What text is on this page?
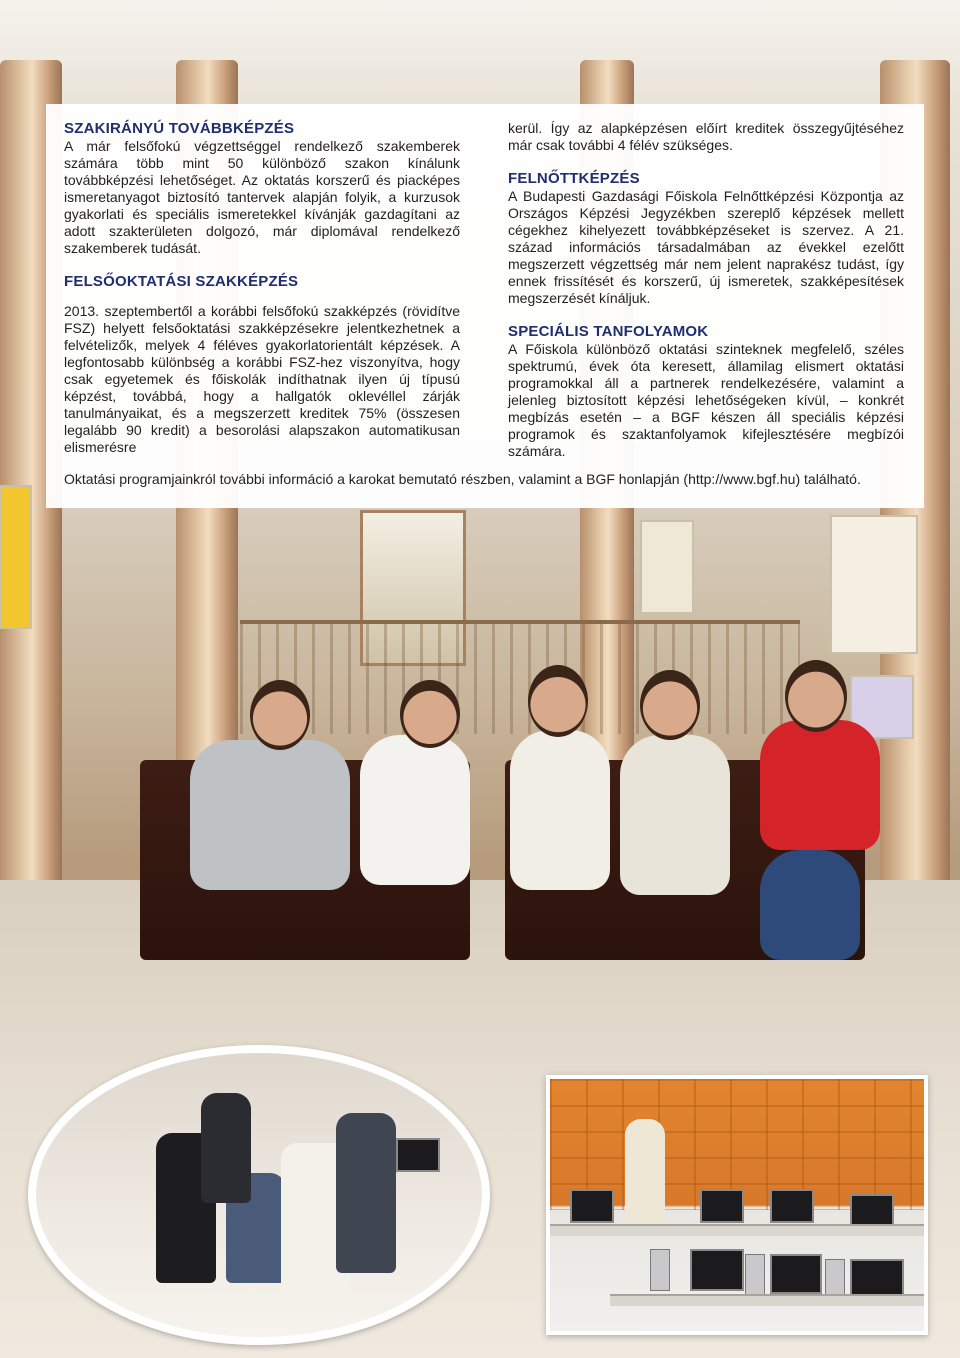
SZAKIRÁNYÚ TOVÁBBKÉPZÉS

A már felsőfokú végzettséggel rendelkező szakemberek számára több mint 50 különböző szakon kínálunk továbbképzési lehetőséget. Az oktatás korszerű és piacképes ismeretanyagot biztosító tantervek alapján folyik, a kurzusok gyakorlati és speciális ismeretekkel kívánják gazdagítani az adott szakterületen dolgozó, már diplomával rendelkező szakemberek tudását.

FELSŐOKTATÁSI SZAKKÉPZÉS

2013. szeptembertől a korábbi felsőfokú szakképzés (rövidítve FSZ) helyett felsőoktatási szakképzésekre jelentkezhetnek a felvételizők, melyek 4 féléves gyakorlatorientált képzések. A legfontosabb különbség a korábbi FSZ-hez viszonyítva, hogy csak egyetemek és főiskolák indíthatnak ilyen új típusú képzést, továbbá, hogy a hallgatók oklevéllel zárják tanulmányaikat, és a megszerzett kreditek 75% (összesen legalább 90 kredit) a besorolási alapszakon automatikusan elismerésre

kerül. Így az alapképzésen előírt kreditek összegyűjtéséhez már csak további 4 félév szükséges.

FELNŐTTKÉPZÉS

A Budapesti Gazdasági Főiskola Felnőttképzési Központja az Országos Képzési Jegyzékben szereplő képzések mellett cégekhez kihelyezett továbbképzéseket is szervez. A 21. század információs társadalmában az évekkel ezelőtt megszerzett végzettség már nem jelent naprakész tudást, így ennek frissítését és korszerű, új ismeretek, szakképesítések megszerzését kínáljuk.

SPECIÁLIS TANFOLYAMOK

A Főiskola különböző oktatási szinteknek megfelelő, széles spektrumú, évek óta keresett, államilag elismert oktatási programokkal áll a partnerek rendelkezésére, valamint a jelenleg biztosított képzési lehetőségeken kívül, – konkrét megbízás esetén – a BGF készen áll speciális képzési programok és szaktanfolyamok kifejlesztésére megbízói számára.

Oktatási programjainkról további információ a karokat bemutató részben, valamint a BGF honlapján (http://www.bgf.hu) található.
